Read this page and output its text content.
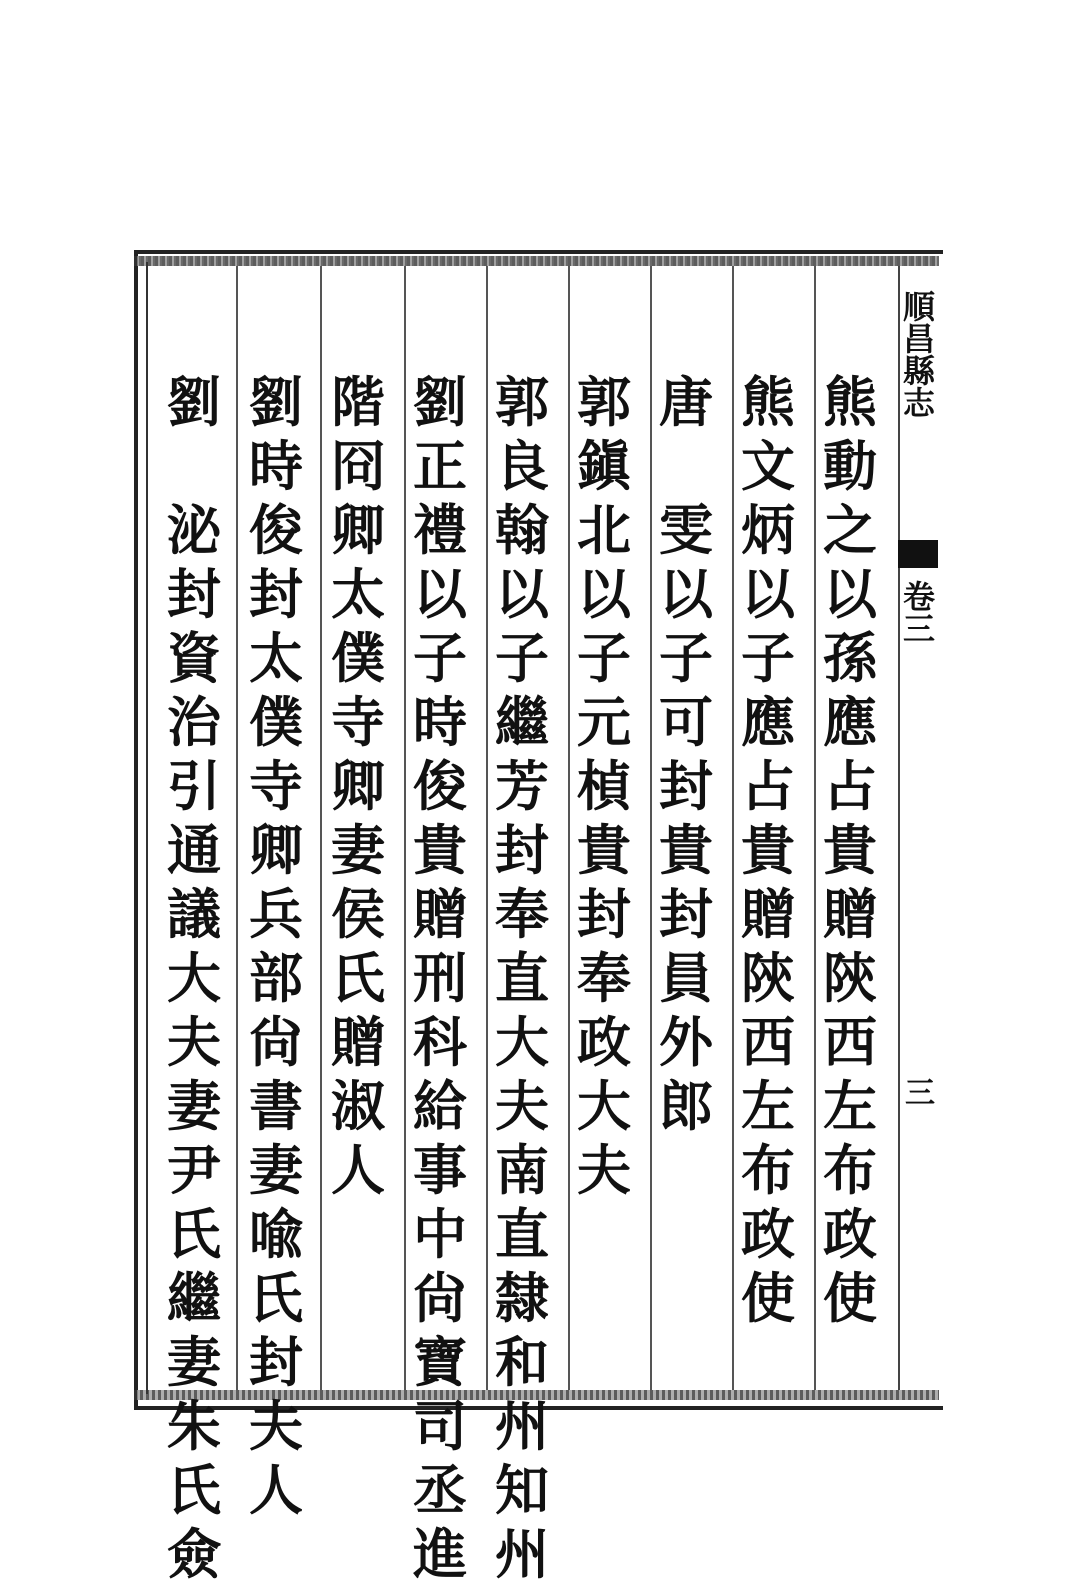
順昌縣志
卷三
三
熊
動
之
以
孫
應
占
貴
贈
陝
西
左
布
政
使
熊
文
炳
以
子
應
占
貴
贈
陝
西
左
布
政
使
唐
雯
以
子
可
封
貴
封
員
外
郎
郭
鎭
北
以
子
元
楨
貴
封
奉
政
大
夫
郭
良
翰
以
子
繼
芳
封
奉
直
大
夫
南
直
隸
和
州
知
州
劉
正
禮
以
子
時
俊
貴
贈
刑
科
給
事
中
尙
寶
司
丞
進
階
冏
卿
太
僕
寺
卿
妻
侯
氏
贈
淑
人
劉
時
俊
封
太
僕
寺
卿
兵
部
尙
書
妻
喩
氏
封
夫
人
劉
泌
封
資
治
引
通
議
大
夫
妻
尹
氏
繼
妻
朱
氏
僉
